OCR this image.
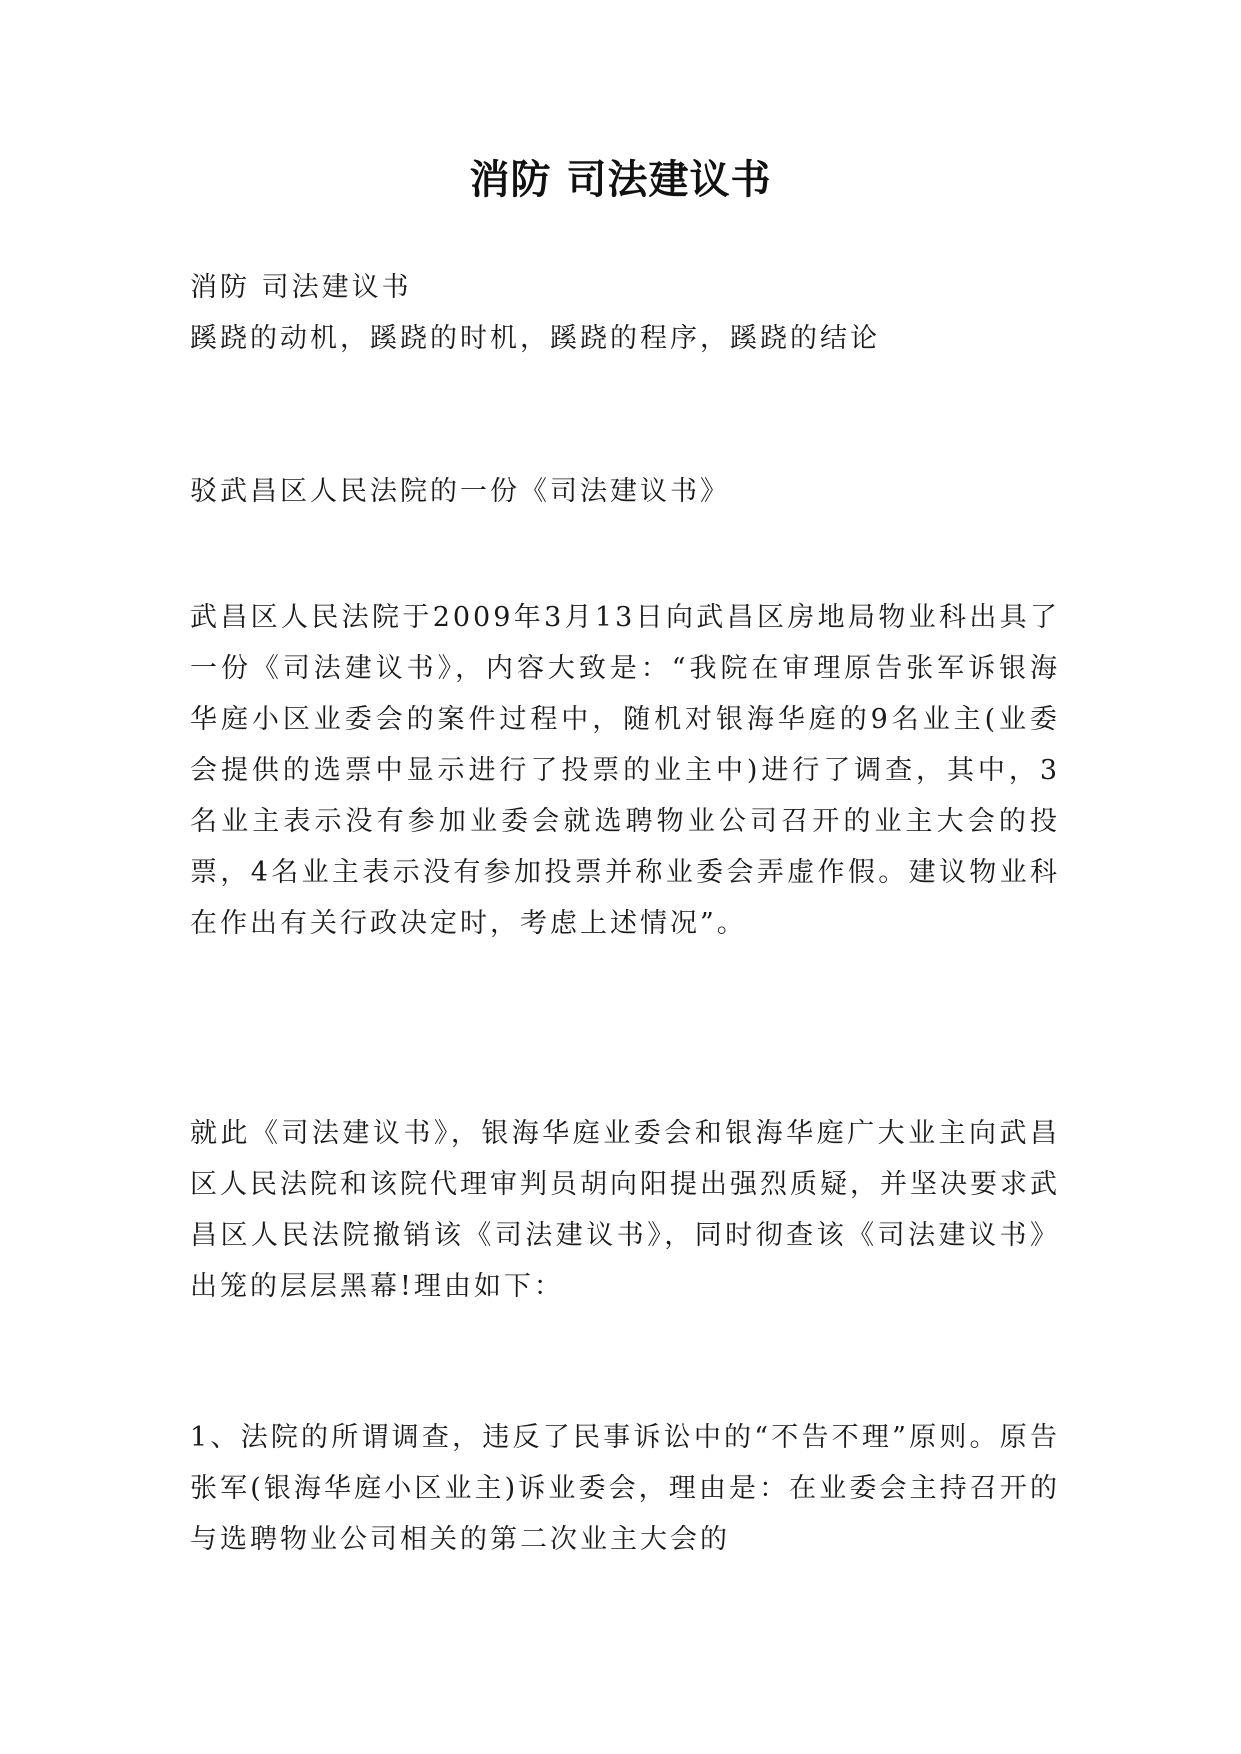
消防 司法建议书

消防 司法建议书

蹊跷的动机，蹊跷的时机，蹊跷的程序，蹊跷的结论

驳武昌区人民法院的一份《司法建议书》

武昌区人民法院于2009年3月13日向武昌区房地局物业科出具了一份《司法建议书》，内容大致是：“我院在审理原告张军诉银海华庭小区业委会的案件过程中，随机对银海华庭的9名业主(业委会提供的选票中显示进行了投票的业主中)进行了调查，其中，3名业主表示没有参加业委会就选聘物业公司召开的业主大会的投票，4名业主表示没有参加投票并称业委会弄虚作假。建议物业科在作出有关行政决定时，考虑上述情况”。

就此《司法建议书》，银海华庭业委会和银海华庭广大业主向武昌区人民法院和该院代理审判员胡向阳提出强烈质疑，并坚决要求武昌区人民法院撤销该《司法建议书》，同时彻查该《司法建议书》出笼的层层黑幕!理由如下：

1、法院的所谓调查，违反了民事诉讼中的“不告不理”原则。原告张军(银海华庭小区业主)诉业委会，理由是：在业委会主持召开的与选聘物业公司相关的第二次业主大会的
